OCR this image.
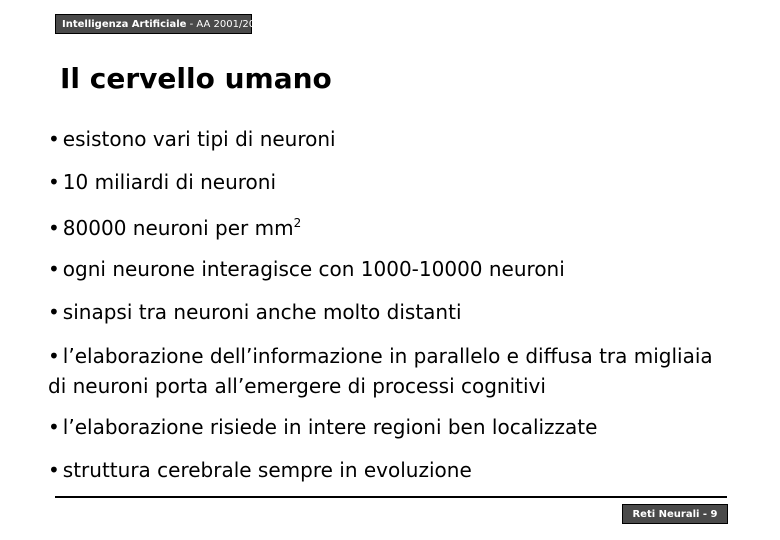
Intelligenza Artificiale
- AA 2001/2002
Il cervello umano
• esistono vari tipi di neuroni
• 10 miliardi di neuroni
• 80000 neuroni per $mm^2$
• ogni neurone interagisce con 1000-10000 neuroni
• sinapsi tra neuroni anche molto distanti
• l’elaborazione dell’informazione in parallelo e diffusa tra migliaia
di neuroni porta all’emergere di processi cognitivi
• l’elaborazione risiede in intere regioni ben localizzate
• struttura cerebrale sempre in evoluzione
Reti Neurali - 9
